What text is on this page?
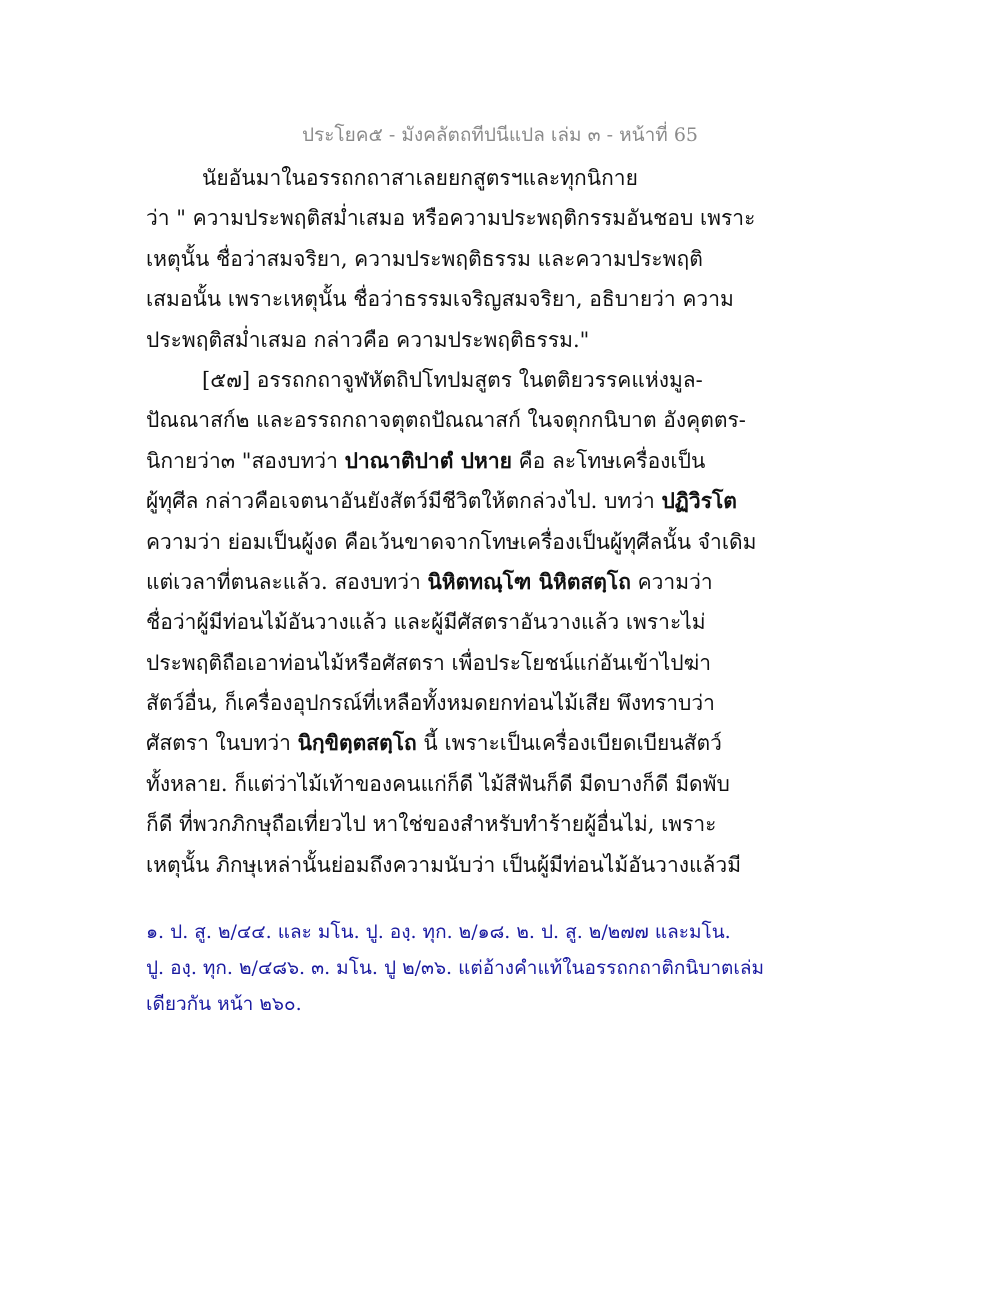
ประโยค๕ - มังคลัตถทีปนีแปล เล่ม ๓ - หน้าที่ 65
นัยอันมาในอรรถกถาสาเลยยกสูตรฯและทุกนิกาย
ว่า " ความประพฤติสม่ำเสมอ หรือความประพฤติกรรมอันชอบ เพราะ
เหตุนั้น ชื่อว่าสมจริยา, ความประพฤติธรรม และความประพฤติ
เสมอนั้น เพราะเหตุนั้น ชื่อว่าธรรมเจริญสมจริยา, อธิบายว่า ความ
ประพฤติสม่ำเสมอ กล่าวคือ ความประพฤติธรรม."
[๕๗] อรรถกถาจูฬหัตถิปโทปมสูตร ในตติยวรรคแห่งมูล-
ปัณณาสก์๒ และอรรถกถาจตุตถปัณณาสก์ ในจตุกกนิบาต อังคุตตร-
นิกายว่า๓ "สองบทว่า ปาณาติปาตํ ปหาย คือ ละโทษเครื่องเป็น
ผู้ทุศีล กล่าวคือเจตนาอันยังสัตว์มีชีวิตให้ตกล่วงไป. บทว่า ปฏิวิรโต
ความว่า ย่อมเป็นผู้งด คือเว้นขาดจากโทษเครื่องเป็นผู้ทุศีลนั้น จำเดิม
แต่เวลาที่ตนละแล้ว. สองบทว่า นิหิตทณฺโฑ นิหิตสตฺโถ ความว่า
ชื่อว่าผู้มีท่อนไม้อันวางแล้ว และผู้มีศัสตราอันวางแล้ว เพราะไม่
ประพฤติถือเอาท่อนไม้หรือศัสตรา เพื่อประโยชน์แก่อันเข้าไปฆ่า
สัตว์อื่น, ก็เครื่องอุปกรณ์ที่เหลือทั้งหมดยกท่อนไม้เสีย พึงทราบว่า
ศัสตรา ในบทว่า นิกฺขิตฺตสตฺโถ นี้ เพราะเป็นเครื่องเบียดเบียนสัตว์
ทั้งหลาย. ก็แต่ว่าไม้เท้าของคนแก่ก็ดี ไม้สีฟันก็ดี มีดบางก็ดี มีดพับ
ก็ดี ที่พวกภิกษุถือเที่ยวไป หาใช่ของสำหรับทำร้ายผู้อื่นไม่, เพราะ
เหตุนั้น ภิกษุเหล่านั้นย่อมถึงความนับว่า เป็นผู้มีท่อนไม้อันวางแล้วมี
๑. ป. สู. ๒/๔๔. และ มโน. ปู. องฺ. ทุก. ๒/๑๘. ๒. ป. สู. ๒/๒๗๗ และมโน.
ปู. องฺ. ทุก. ๒/๔๘๖. ๓. มโน. ปู ๒/๓๖. แต่อ้างคำแท้ในอรรถกถาติกนิบาตเล่ม
เดียวกัน หน้า ๒๖๐.
